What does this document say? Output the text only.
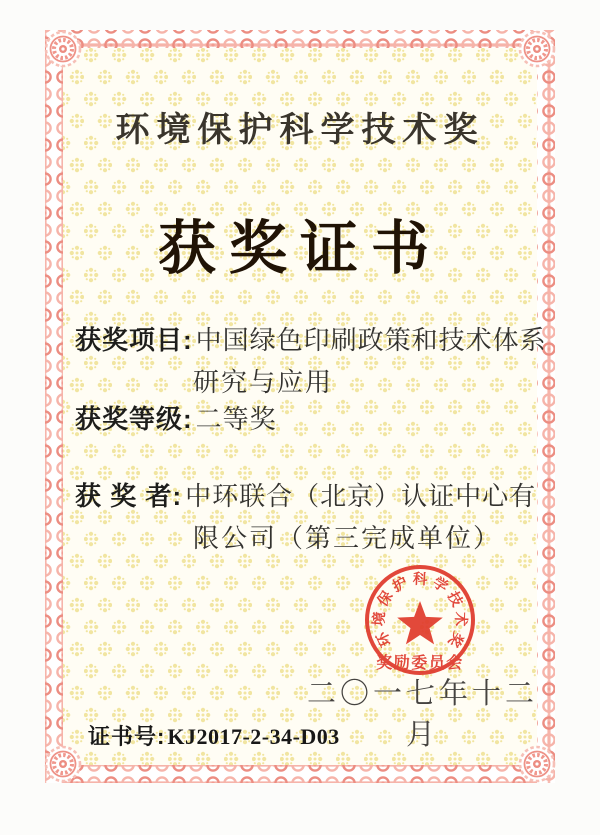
环境保护科学技术奖
获奖证书
获奖项目: 中国绿色印刷政策和技术体系
研究与应用
获奖等级: 二等奖
获 奖 者: 中环联合（北京）认证中心有
限公司（第三完成单位）
环境保护科学技术奖
奖励委员会
二〇一七年十二月
证书号: KJ2017-2-34-D03
